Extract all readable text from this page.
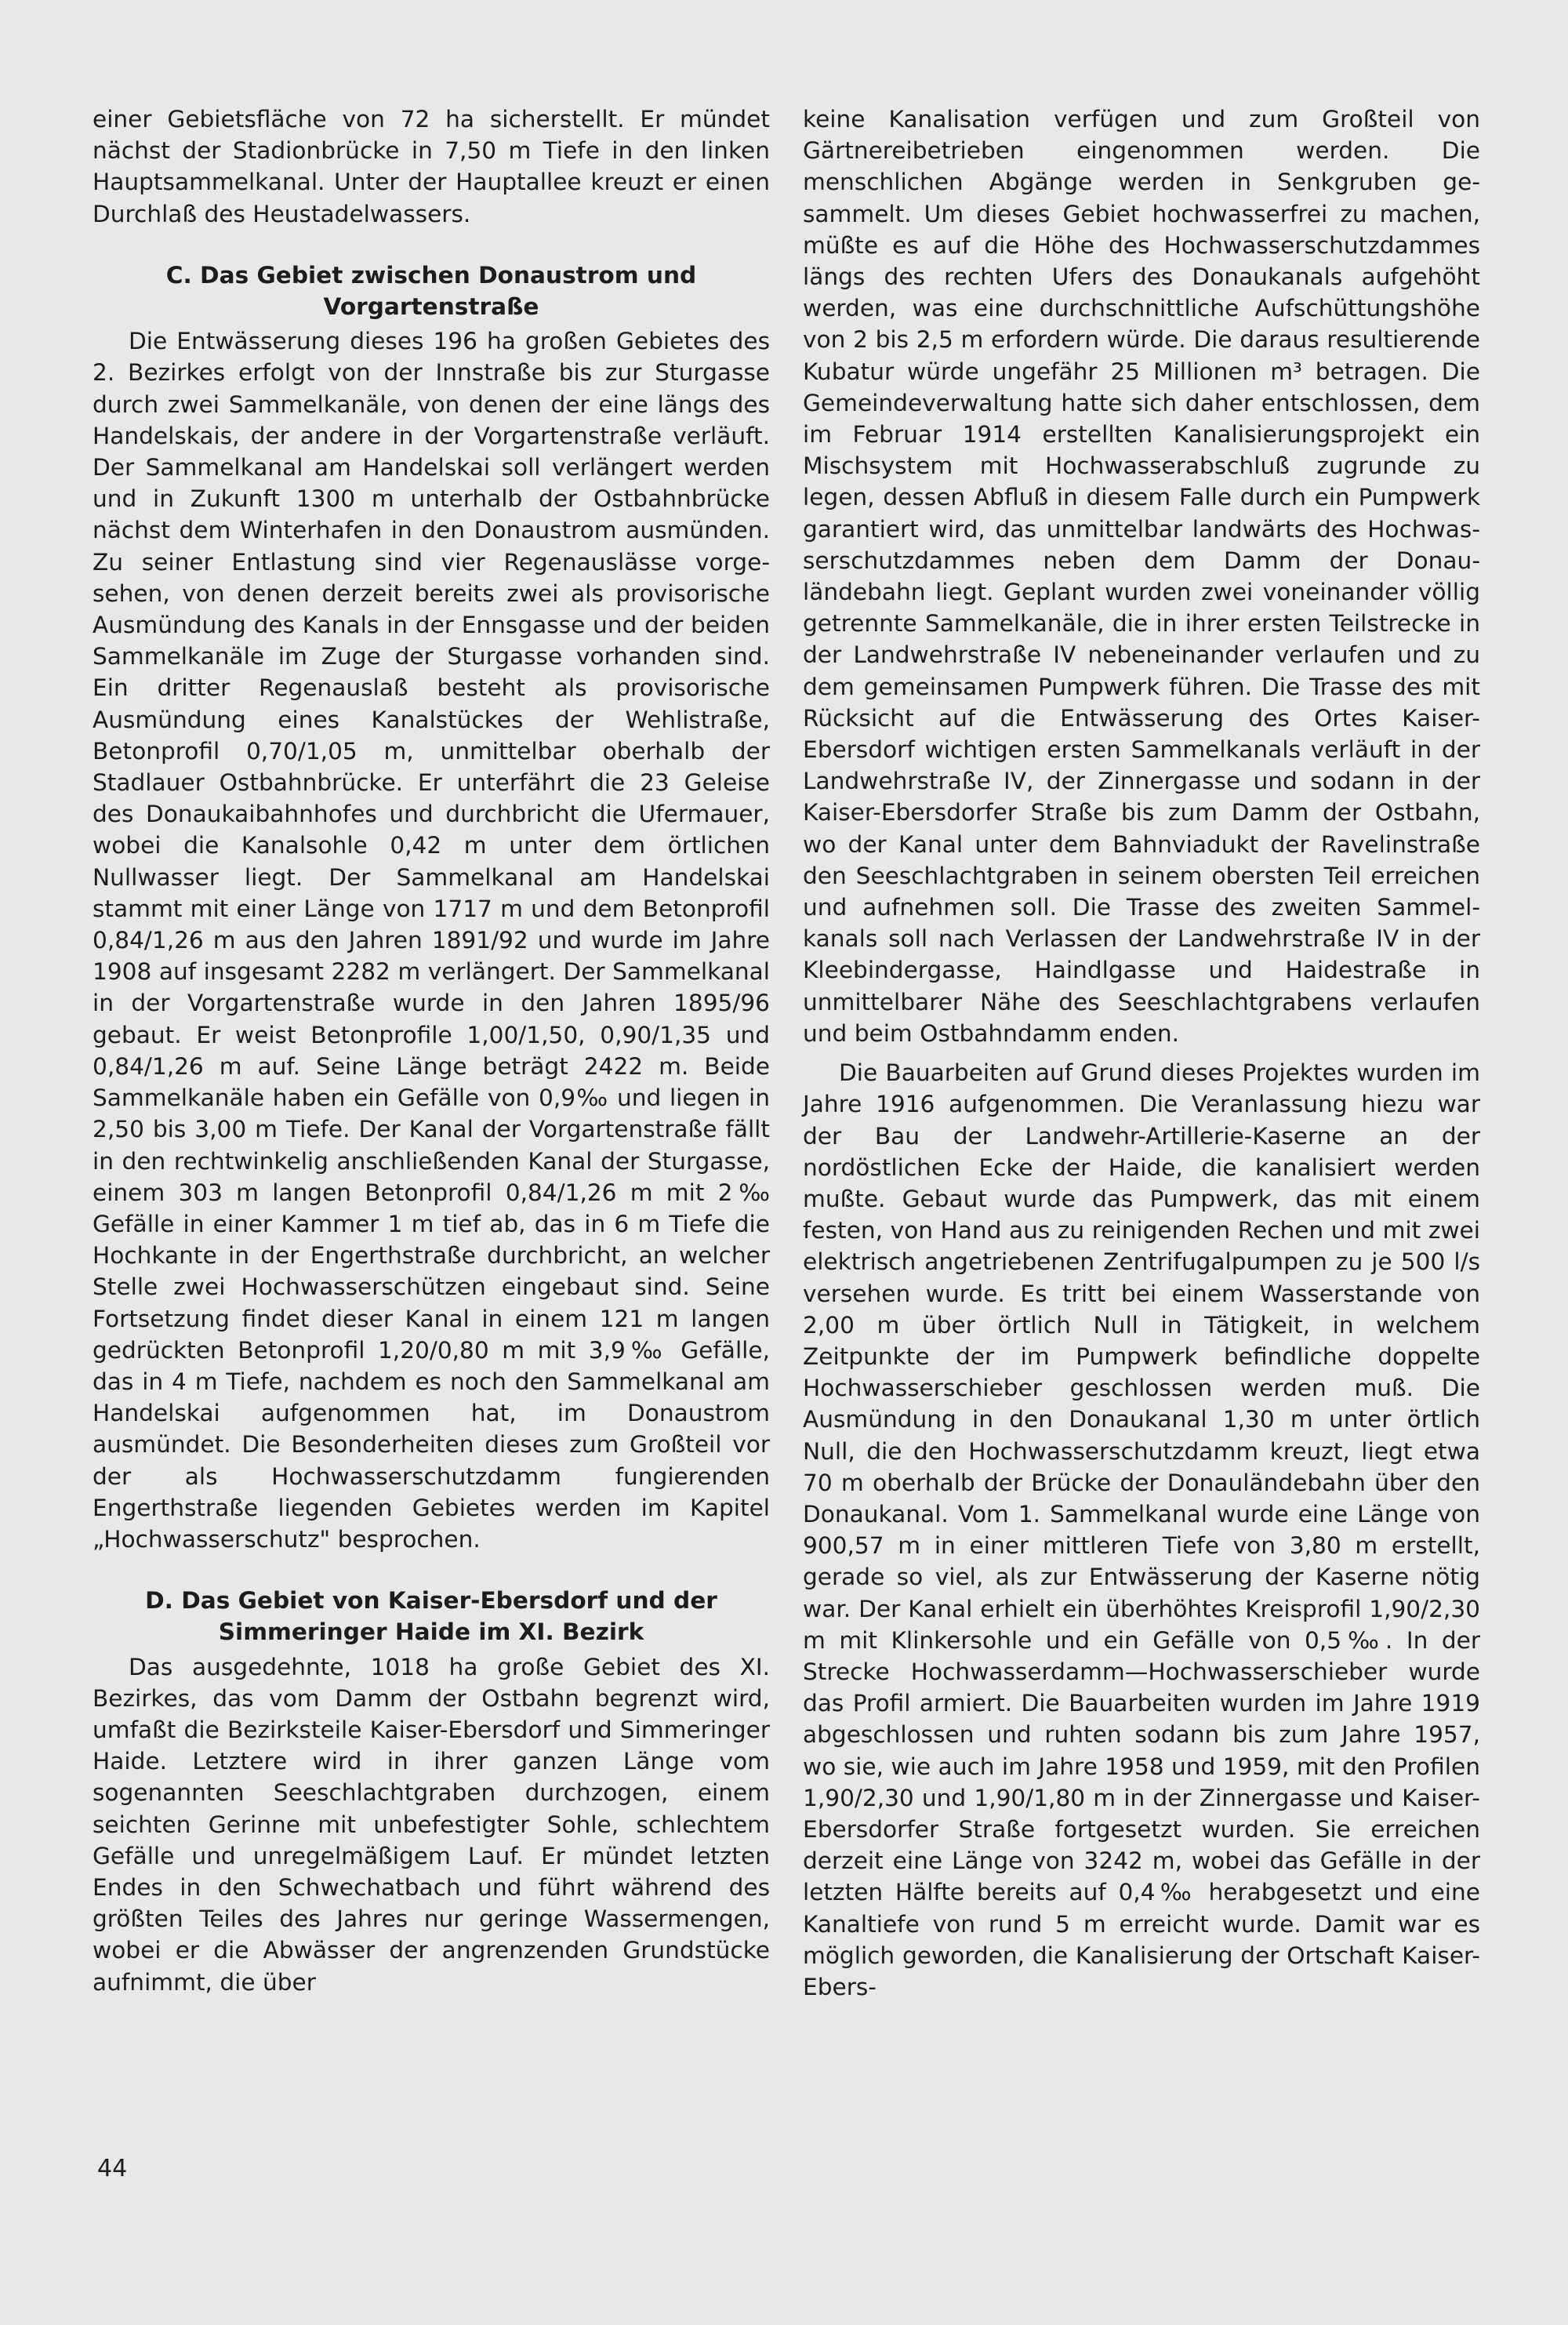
einer Gebietsfläche von 72 ha sicherstellt. Er mündet nächst der Stadionbrücke in 7,50 m Tiefe in den linken Hauptsammelkanal. Unter der Hauptallee kreuzt er einen Durchlaß des Heustadelwassers.

C. Das Gebiet zwischen Donaustrom und Vorgartenstraße

Die Entwässerung dieses 196 ha großen Gebietes des 2. Bezirkes erfolgt von der Innstraße bis zur Sturgasse durch zwei Sammelkanäle, von denen der eine längs des Handelskais, der andere in der Vorgartenstraße verläuft. Der Sammelkanal am Handelskai soll verlängert werden und in Zukunft 1300 m unterhalb der Ostbahnbrücke nächst dem Winterhafen in den Donaustrom ausmünden. Zu seiner Entlastung sind vier Regenauslässe vorgesehen, von denen derzeit bereits zwei als provisorische Ausmündung des Kanals in der Ennsgasse und der beiden Sammelkanäle im Zuge der Sturgasse vorhanden sind. Ein dritter Regenauslaß besteht als provisorische Ausmündung eines Kanalstückes der Wehlistraße, Betonprofil 0,70/1,05 m, unmittelbar oberhalb der Stadlauer Ostbahnbrücke. Er unterfährt die 23 Geleise des Donaukaibahnhofes und durchbricht die Ufermauer, wobei die Kanalsohle 0,42 m unter dem örtlichen Nullwasser liegt. Der Sammelkanal am Handelskai stammt mit einer Länge von 1717 m und dem Betonprofil 0,84/1,26 m aus den Jahren 1891/92 und wurde im Jahre 1908 auf insgesamt 2282 m verlängert. Der Sammelkanal in der Vorgartenstraße wurde in den Jahren 1895/96 gebaut. Er weist Betonprofile 1,00/1,50, 0,90/1,35 und 0,84/1,26 m auf. Seine Länge beträgt 2422 m. Beide Sammelkanäle haben ein Gefälle von 0,9‰ und liegen in 2,50 bis 3,00 m Tiefe. Der Kanal der Vorgartenstraße fällt in den rechtwinkelig anschließenden Kanal der Sturgasse, einem 303 m langen Betonprofil 0,84/1,26 m mit 2‰ Gefälle in einer Kammer 1 m tief ab, das in 6 m Tiefe die Hochkante in der Engerthstraße durchbricht, an welcher Stelle zwei Hochwasserschützen eingebaut sind. Seine Fortsetzung findet dieser Kanal in einem 121 m langen gedrückten Betonprofil 1,20/0,80 m mit 3,9‰ Gefälle, das in 4 m Tiefe, nachdem es noch den Sammelkanal am Handelskai aufgenommen hat, im Donaustrom ausmündet. Die Besonderheiten dieses zum Großteil vor der als Hochwasserschutzdamm fungierenden Engerthstraße liegenden Gebietes werden im Kapitel „Hochwasserschutz" besprochen.

D. Das Gebiet von Kaiser-Ebersdorf und der Simmeringer Haide im XI. Bezirk

Das ausgedehnte, 1018 ha große Gebiet des XI. Bezirkes, das vom Damm der Ostbahn begrenzt wird, umfaßt die Bezirksteile Kaiser-Ebersdorf und Simmeringer Haide. Letztere wird in ihrer ganzen Länge vom sogenannten Seeschlachtgraben durchzogen, einem seichten Gerinne mit unbefestigter Sohle, schlechtem Gefälle und unregelmäßigem Lauf. Er mündet letzten Endes in den Schwechatbach und führt während des größten Teiles des Jahres nur geringe Wassermengen, wobei er die Abwässer der angrenzenden Grundstücke aufnimmt, die über

keine Kanalisation verfügen und zum Großteil von Gärtnereibetrieben eingenommen werden. Die menschlichen Abgänge werden in Senkgruben gesammelt. Um dieses Gebiet hochwasserfrei zu machen, müßte es auf die Höhe des Hochwasserschutzdammes längs des rechten Ufers des Donaukanals aufgehöht werden, was eine durchschnittliche Aufschüttungshöhe von 2 bis 2,5 m erfordern würde. Die daraus resultierende Kubatur würde ungefähr 25 Millionen m³ betragen. Die Gemeindeverwaltung hatte sich daher entschlossen, dem im Februar 1914 erstellten Kanalisierungsprojekt ein Mischsystem mit Hochwasserabschluß zugrunde zu legen, dessen Abfluß in diesem Falle durch ein Pumpwerk garantiert wird, das unmittelbar landwärts des Hochwasserschutzdammes neben dem Damm der Donauländebahn liegt. Geplant wurden zwei voneinander völlig getrennte Sammelkanäle, die in ihrer ersten Teilstrecke in der Landwehrstraße IV nebeneinander verlaufen und zu dem gemeinsamen Pumpwerk führen. Die Trasse des mit Rücksicht auf die Entwässerung des Ortes Kaiser-Ebersdorf wichtigen ersten Sammelkanals verläuft in der Landwehrstraße IV, der Zinnergasse und sodann in der Kaiser-Ebersdorfer Straße bis zum Damm der Ostbahn, wo der Kanal unter dem Bahnviadukt der Ravelinstraße den Seeschlachtgraben in seinem obersten Teil erreichen und aufnehmen soll. Die Trasse des zweiten Sammelkanals soll nach Verlassen der Landwehrstraße IV in der Kleebindergasse, Haindlgasse und Haidestraße in unmittelbarer Nähe des Seeschlachtgrabens verlaufen und beim Ostbahndamm enden.

Die Bauarbeiten auf Grund dieses Projektes wurden im Jahre 1916 aufgenommen. Die Veranlassung hiezu war der Bau der Landwehr-Artillerie-Kaserne an der nordöstlichen Ecke der Haide, die kanalisiert werden mußte. Gebaut wurde das Pumpwerk, das mit einem festen, von Hand aus zu reinigenden Rechen und mit zwei elektrisch angetriebenen Zentrifugalpumpen zu je 500 l/s versehen wurde. Es tritt bei einem Wasserstande von 2,00 m über örtlich Null in Tätigkeit, in welchem Zeitpunkte der im Pumpwerk befindliche doppelte Hochwasserschieber geschlossen werden muß. Die Ausmündung in den Donaukanal 1,30 m unter örtlich Null, die den Hochwasserschutzdamm kreuzt, liegt etwa 70 m oberhalb der Brücke der Donauländebahn über den Donaukanal. Vom 1. Sammelkanal wurde eine Länge von 900,57 m in einer mittleren Tiefe von 3,80 m erstellt, gerade so viel, als zur Entwässerung der Kaserne nötig war. Der Kanal erhielt ein überhöhtes Kreisprofil 1,90/2,30 m mit Klinkersohle und ein Gefälle von 0,5‰. In der Strecke Hochwasserdamm—Hochwasserschieber wurde das Profil armiert. Die Bauarbeiten wurden im Jahre 1919 abgeschlossen und ruhten sodann bis zum Jahre 1957, wo sie, wie auch im Jahre 1958 und 1959, mit den Profilen 1,90/2,30 und 1,90/1,80 m in der Zinnergasse und Kaiser-Ebersdorfer Straße fortgesetzt wurden. Sie erreichen derzeit eine Länge von 3242 m, wobei das Gefälle in der letzten Hälfte bereits auf 0,4‰ herabgesetzt und eine Kanaltiefe von rund 5 m erreicht wurde. Damit war es möglich geworden, die Kanalisierung der Ortschaft Kaiser-Ebers-

44
